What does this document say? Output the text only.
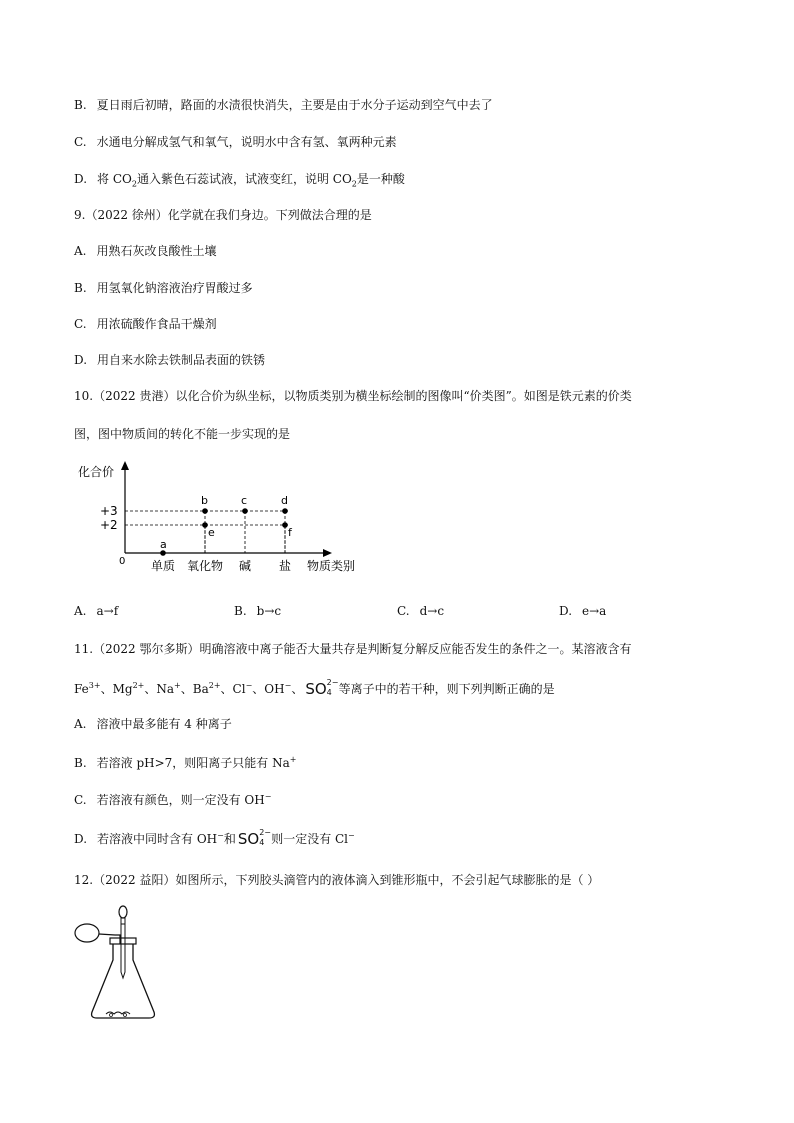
B. 夏日雨后初晴，路面的水渍很快消失，主要是由于水分子运动到空气中去了
C. 水通电分解成氢气和氧气，说明水中含有氢、氧两种元素
D. 将 $CO_2$通入紫色石蕊试液，试液变红，说明 $CO_2$是一种酸
9.（2022 徐州）化学就在我们身边。下列做法合理的是
A. 用熟石灰改良酸性土壤
B. 用氢氧化钠溶液治疗胃酸过多
C. 用浓硫酸作食品干燥剂
D. 用自来水除去铁制品表面的铁锈
10.（2022 贵港）以化合价为纵坐标，以物质类别为横坐标绘制的图像叫“价类图”。如图是铁元素的价类
图，图中物质间的转化不能一步实现的是
化合价
0
+3
+2
a
b	c	d
e	f
单质 氧化物 碱 盐 物质类别
A. a→f	B. b→c	C. d→c	D. e→a
11.（2022 鄂尔多斯）明确溶液中离子能否大量共存是判断复分解反应能否发生的条件之一。某溶液含有
$Fe^{3+}$、$Mg^{2+}$、Na+、$Ba^{2+}$、Cl−、OH−、 SO 2−
4 等离子中的若干种，则下列判断正确的是
A. 溶液中最多能有 4 种离子
B. 若溶液 pH>7，则阳离子只能有 Na+
C. 若溶液有颜色，则一定没有 OH−
D. 若溶液中同时含有 OH−和 SO 2−
4 则一定没有 Cl−
12.（2022 益阳）如图所示，下列胶头滴管内的液体滴入到锥形瓶中，不会引起气球膨胀的是（ ）
